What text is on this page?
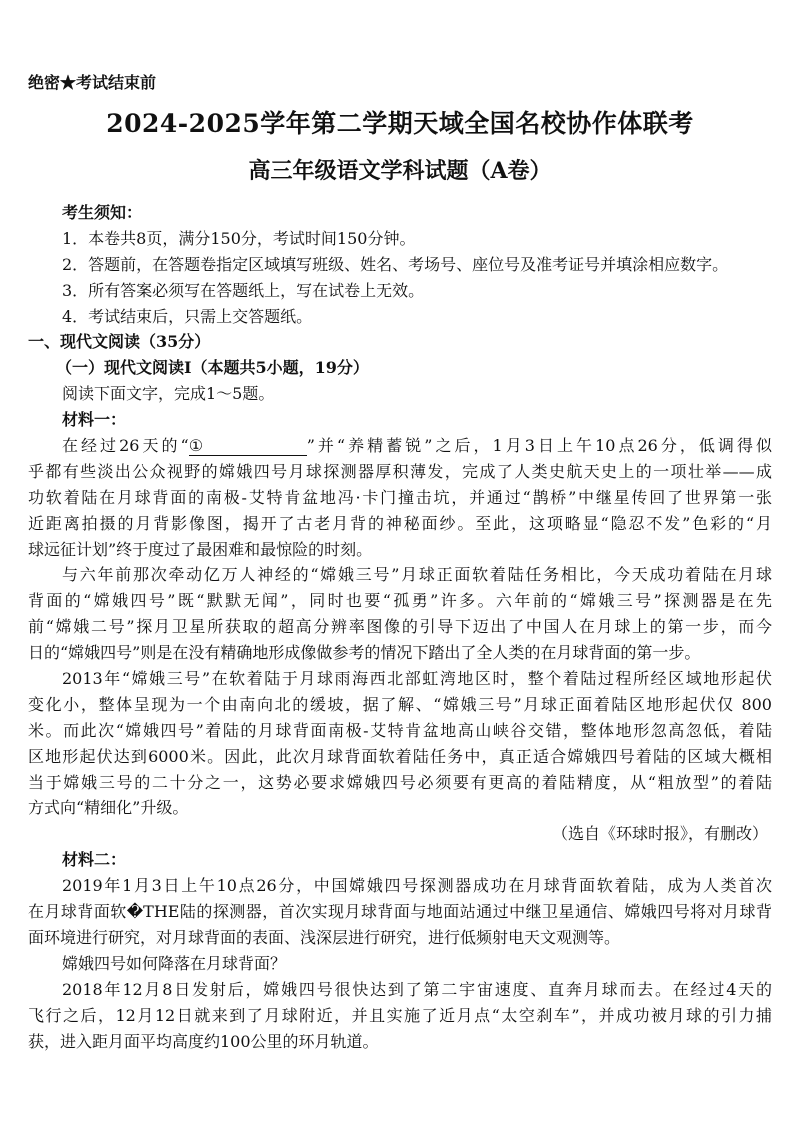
绝密★考试结束前
2024-2025学年第二学期天域全国名校协作体联考
高三年级语文学科试题（A卷）
考生须知：
1．本卷共8页，满分150分，考试时间150分钟。
2．答题前，在答题卷指定区域填写班级、姓名、考场号、座位号及准考证号并填涂相应数字。
3．所有答案必须写在答题纸上，写在试卷上无效。
4．考试结束后，只需上交答题纸。
一、现代文阅读（35分）
（一）现代文阅读Ⅰ（本题共5小题，19分）
阅读下面文字，完成1～5题。
材料一：
在经过26天的“①	”并“养精蓄锐”之后，1月3日上午10点26分，低调得似
乎都有些淡出公众视野的嫦娥四号月球探测器厚积薄发，完成了人类史航天史上的一项壮举——成
功软着陆在月球背面的南极-艾特肯盆地冯·卡门撞击坑，并通过“鹊桥”中继星传回了世界第一张
近距离拍摄的月背影像图，揭开了古老月背的神秘面纱。至此，这项略显“隐忍不发”色彩的“月
球远征计划”终于度过了最困难和最惊险的时刻。
与六年前那次牵动亿万人神经的“嫦娥三号”月球正面软着陆任务相比，今天成功着陆在月球
背面的“嫦娥四号”既“默默无闻”，同时也要“孤勇”许多。六年前的“嫦娥三号”探测器是在先
前“嫦娥二号”探月卫星所获取的超高分辨率图像的引导下迈出了中国人在月球上的第一步，而今
日的“嫦娥四号”则是在没有精确地形成像做参考的情况下踏出了全人类的在月球背面的第一步。
2013年“嫦娥三号”在软着陆于月球雨海西北部虹湾地区时，整个着陆过程所经区域地形起伏
变化小，整体呈现为一个由南向北的缓坡，据了解、“嫦娥三号”月球正面着陆区地形起伏仅 800
米。而此次“嫦娥四号”着陆的月球背面南极-艾特肯盆地高山峡谷交错，整体地形忽高忽低，着陆
区地形起伏达到6000米。因此，此次月球背面软着陆任务中，真正适合嫦娥四号着陆的区域大概相
当于嫦娥三号的二十分之一，这势必要求嫦娥四号必须要有更高的着陆精度，从“粗放型”的着陆
方式向“精细化”升级。
（选自《环球时报》，有删改）
材料二：
2019年1月3日上午10点26分，中国嫦娥四号探测器成功在月球背面软着陆，成为人类首次
在月球背面软�THE陆的探测器，首次实现月球背面与地面站通过中继卫星通信、嫦娥四号将对月球背
面环境进行研究，对月球背面的表面、浅深层进行研究，进行低频射电天文观测等。
嫦娥四号如何降落在月球背面？
2018年12月8日发射后，嫦娥四号很快达到了第二宇宙速度、直奔月球而去。在经过4天的
飞行之后，12月12日就来到了月球附近，并且实施了近月点“太空刹车”，并成功被月球的引力捕
获，进入距月面平均高度约100公里的环月轨道。
